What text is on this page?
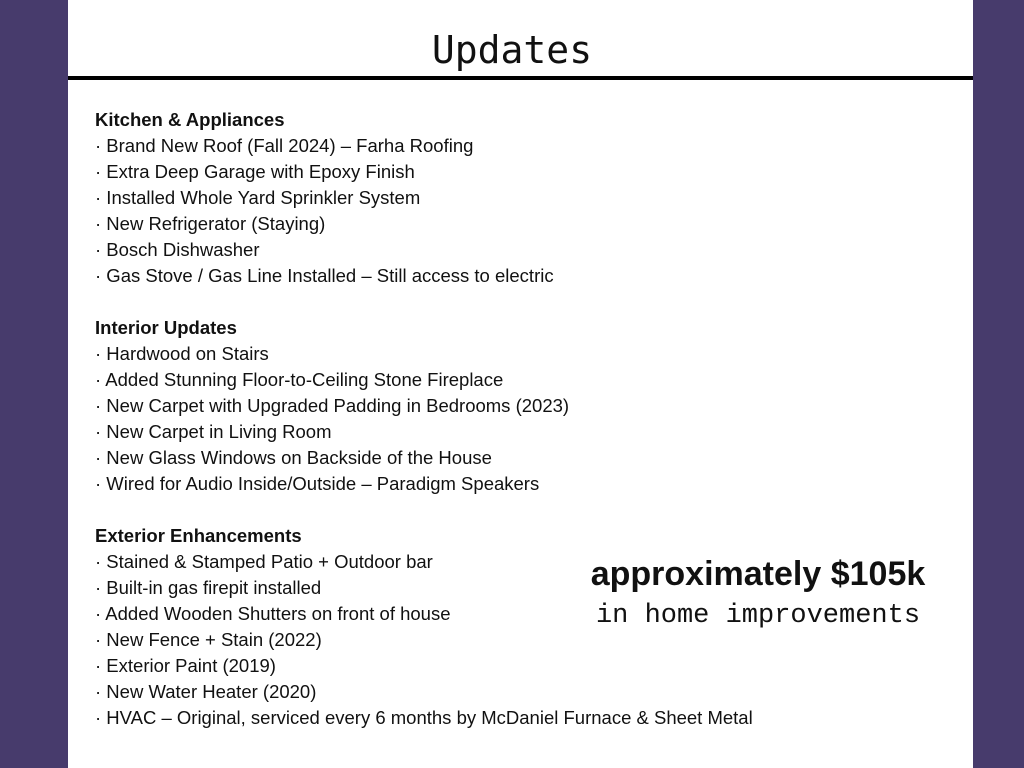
Updates
Kitchen & Appliances
· Brand New Roof (Fall 2024) – Farha Roofing
· Extra Deep Garage with Epoxy Finish
· Installed Whole Yard Sprinkler System
· New Refrigerator (Staying)
· Bosch Dishwasher
· Gas Stove / Gas Line Installed – Still access to electric
Interior Updates
· Hardwood on Stairs
· Added Stunning Floor-to-Ceiling Stone Fireplace
· New Carpet with Upgraded Padding in Bedrooms (2023)
· New Carpet in Living Room
· New Glass Windows on Backside of the House
· Wired for Audio Inside/Outside – Paradigm Speakers
Exterior Enhancements
· Stained & Stamped Patio + Outdoor bar
· Built-in gas firepit installed
· Added Wooden Shutters on front of house
· New Fence + Stain (2022)
· Exterior Paint (2019)
· New Water Heater (2020)
· HVAC – Original, serviced every 6 months by McDaniel Furnace & Sheet Metal
approximately $105k
in home improvements
